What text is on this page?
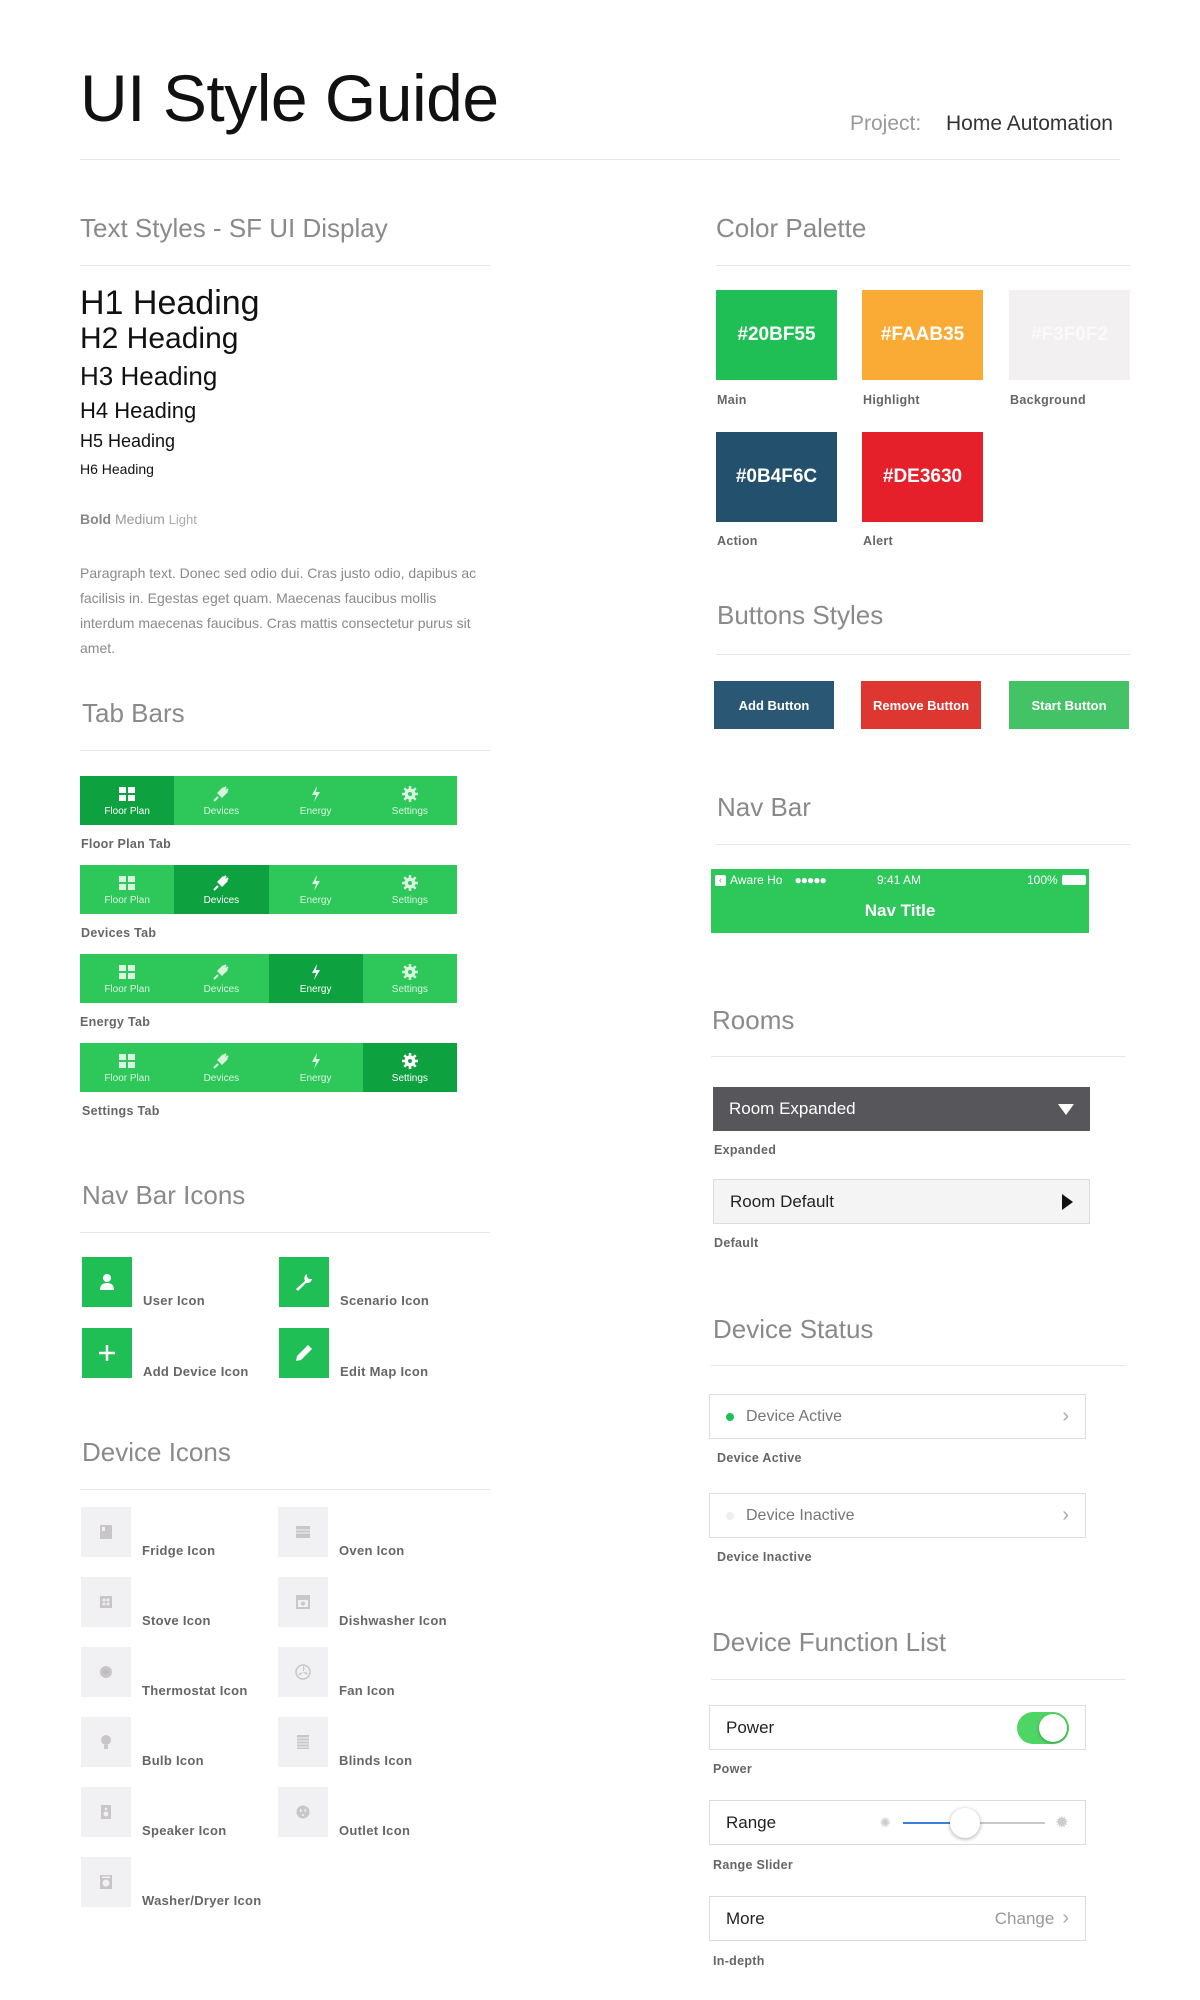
UI Style Guide	Project: Home Automation
Text Styles - SF UI Display
H1 Heading
H2 Heading
H3 Heading
H4 Heading
H5 Heading
H6 Heading
Bold Medium Light
Paragraph text. Donec sed odio dui. Cras justo odio, dapibus ac facilisis in. Egestas eget quam. Maecenas faucibus mollis interdum maecenas faucibus. Cras mattis consectetur purus sit amet.
Tab Bars
Floor Plan	Devices	Energy	Settings
Floor Plan Tab
Floor Plan	Devices	Energy	Settings
Devices Tab
Floor Plan	Devices	Energy	Settings
Energy Tab
Floor Plan	Devices	Energy	Settings
Settings Tab
Nav Bar Icons
User Icon	Scenario Icon
Add Device Icon	Edit Map Icon
Device Icons
Fridge Icon	Oven Icon
Stove Icon	Dishwasher Icon
Thermostat Icon	Fan Icon
Bulb Icon	Blinds Icon
Speaker Icon	Outlet Icon
Washer/Dryer Icon
Color Palette
#20BF55
Main
#FAAB35
Highlight
#F3F0F2
Background
#0B4F6C
Action
#DE3630
Alert
Buttons Styles
Add Button	Remove Button	Start Button
Nav Bar
‹ Aware Ho ●●●●●	9:41 AM	100%
Nav Title
Rooms
Room Expanded
Expanded
Room Default
Default
Device Status
Device Active	›
Device Active
Device Inactive	›
Device Inactive
Device Function List
Power
Power
Range	✺	✹
Range Slider
More	Change ›
In-depth
